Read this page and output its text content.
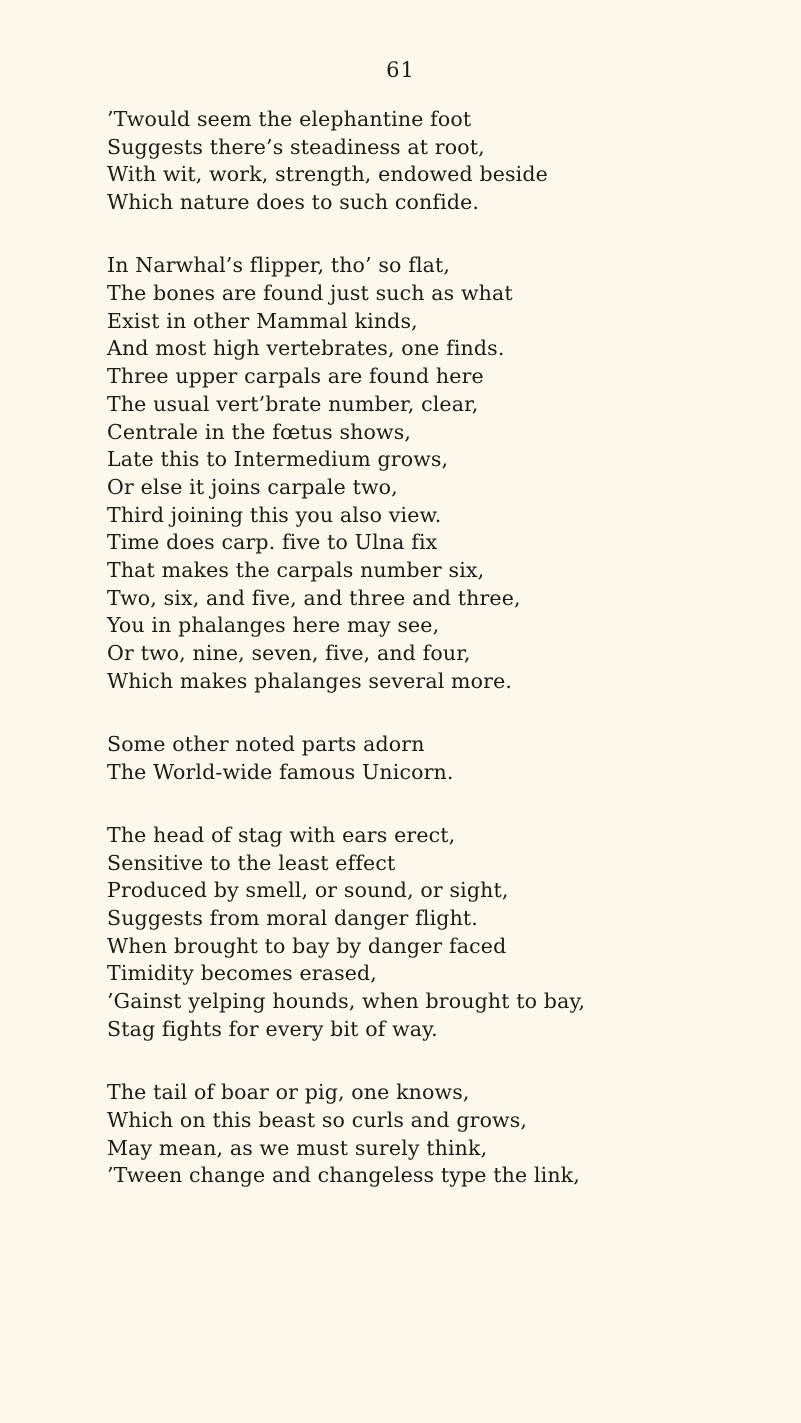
61
’Twould seem the elephantine foot
Suggests there’s steadiness at root,
With wit, work, strength, endowed beside
Which nature does to such confide.
In Narwhal’s flipper, tho’ so flat,
The bones are found just such as what
Exist in other Mammal kinds,
And most high vertebrates, one finds.
Three upper carpals are found here
The usual vert’brate number, clear,
Centrale in the fœtus shows,
Late this to Intermedium grows,
Or else it joins carpale two,
Third joining this you also view.
Time does carp. five to Ulna fix
That makes the carpals number six,
Two, six, and five, and three and three,
You in phalanges here may see,
Or two, nine, seven, five, and four,
Which makes phalanges several more.
Some other noted parts adorn
The World-wide famous Unicorn.
The head of stag with ears erect,
Sensitive to the least effect
Produced by smell, or sound, or sight,
Suggests from moral danger flight.
When brought to bay by danger faced
Timidity becomes erased,
’Gainst yelping hounds, when brought to bay,
Stag fights for every bit of way.
The tail of boar or pig, one knows,
Which on this beast so curls and grows,
May mean, as we must surely think,
’Tween change and changeless type the link,
